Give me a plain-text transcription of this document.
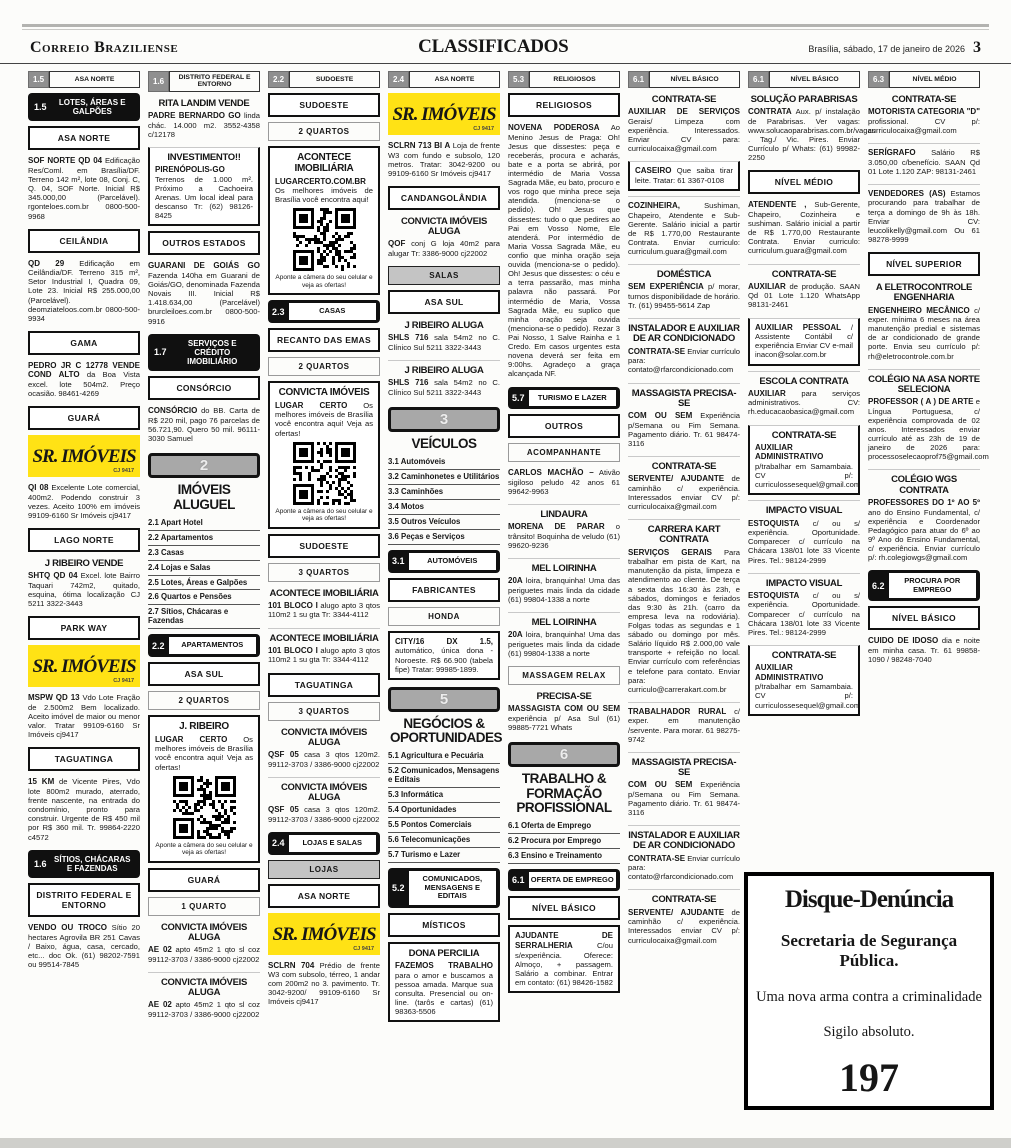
Correio Braziliense	CLASSIFICADOS	Brasília, sábado, 17 de janeiro de 2026 3
1.5	ASA NORTE
1.5	LOTES, ÁREAS E GALPÕES
ASA NORTE

SOF NORTE QD 04 Edificação Res/Coml. em Brasília/DF. Terreno 142 m², lote 08, Conj. C, Q. 04, SOF Norte. Inicial R$ 345.000,00 (Parcelável). rgonteloes.com.br 0800-500-9968

CEILÂNDIA

QD 29 Edificação em Ceilândia/DF. Terreno 315 m², Setor Industrial I, Quadra 09, Lote 23. Inicial R$ 255.000,00 (Parcelável). deomziateloos.com.br 0800-500-9934

GAMA

PEDRO JR C 12778 VENDE COND ALTO da Boa Vista excel. lote 504m2. Preço ocasião. 98461-4269

GUARÁ
SR. IMÓVEIS
CJ 9417

QI 08 Excelente Lote comercial, 400m2. Podendo construir 3 vezes. Aceito 100% em imóveis 99109-6160 Sr Imóveis cj9417

LAGO NORTE
J RIBEIRO VENDE

SHTQ QD 04 Excel. lote Bairro Taquari 742m2, quitado, esquina, ótima localização CJ 5211 3322-3443

PARK WAY
SR. IMÓVEIS
CJ 9417

MSPW QD 13 Vdo Lote Fração de 2.500m2 Bem localizado. Aceito imóvel de maior ou menor valor. Tratar 99109-6160 Sr Imóveis cj9417

TAGUATINGA

15 KM de Vicente Pires, Vdo lote 800m2 murado, aterrado, frente nascente, na entrada do condomínio, pronto para construir. Urgente de R$ 450 mil por R$ 360 mil. Tr. 99864-2220 c4572

1.6 SÍTIOS, CHÁCARAS E FAZENDAS
DISTRITO FEDERAL E ENTORNO

VENDO OU TROCO Sítio 20 hectares Agrovila BR 251 Cavas / Baixo, água, casa, cercado, etc... doc Ok. (61) 98202-7591 ou 99514-7845

1.6	DISTRITO FEDERAL E ENTORNO
RITA LANDIM VENDE

PADRE BERNARDO GO linda chác. 14.000 m2. 3552-4358 c/12178

INVESTIMENTO!!

PIRENÓPOLIS-GO Terrenos de 1.000 m². Próximo a Cachoeira Arenas. Um local ideal para descanso Tr: (62) 98126-8425

OUTROS ESTADOS

GUARANI DE GOIÁS GO Fazenda 140ha em Guarani de Goiás/GO, denominada Fazenda Novais III. Inicial R$ 1.418.634,00 (Parcelável) brurcleiloes.com.br 0800-500-9916

1.7
SERVIÇOS E CRÉDITO IMOBILIÁRIO
CONSÓRCIO

CONSÓRCIO do BB. Carta de R$ 220 mil, pago 76 parcelas de 56.721,90. Quero 50 mil. 96111-3030 Samuel

2
IMÓVEIS ALUGUEL
2.1 Apart Hotel
2.2 Apartamentos
2.3 Casas
2.4 Lojas e Salas
2.5 Lotes, Áreas e Galpões
2.6 Quartos e Pensões
2.7 Sítios, Chácaras e Fazendas
2.2	APARTAMENTOS
ASA SUL
2 QUARTOS
J. RIBEIRO

LUGAR CERTO Os melhores imóveis de Brasília você encontra aqui! Veja as ofertas!

Aponte a câmera do seu celular e veja as ofertas!
GUARÁ
1 QUARTO
CONVICTA IMÓVEIS ALUGA

AE 02 apto 45m2 1 qto sl coz 99112-3703 / 3386-9000 cj22002

CONVICTA IMÓVEIS ALUGA

AE 02 apto 45m2 1 qto sl coz 99112-3703 / 3386-9000 cj22002

2.2	SUDOESTE
SUDOESTE
2 QUARTOS
ACONTECE IMOBILIÁRIA

LUGARCERTO.COM.BR Os melhores imóveis de Brasília você encontra aqui!

Aponte a câmera do seu celular e veja as ofertas!
2.3	CASAS
RECANTO DAS EMAS
2 QUARTOS
CONVICTA IMÓVEIS

LUGAR CERTO Os melhores imóveis de Brasília você encontra aqui! Veja as ofertas!

Aponte a câmera do seu celular e veja as ofertas!
SUDOESTE
3 QUARTOS
ACONTECE IMOBILIÁRIA

101 BLOCO I alugo apto 3 qtos 110m2 1 su gta Tr: 3344-4112

ACONTECE IMOBILIÁRIA

101 BLOCO I alugo apto 3 qtos 110m2 1 su gta Tr: 3344-4112

TAGUATINGA
3 QUARTOS
CONVICTA IMÓVEIS ALUGA

QSF 05 casa 3 qtos 120m2. 99112-3703 / 3386-9000 cj22002

CONVICTA IMÓVEIS ALUGA

QSF 05 casa 3 qtos 120m2. 99112-3703 / 3386-9000 cj22002

2.4	LOJAS E SALAS
LOJAS
ASA NORTE
SR. IMÓVEIS
CJ 9417

SCLRN 704 Prédio de frente W3 com subsolo, térreo, 1 andar com 200m2 no 3. pavimento. Tr. 3042-9200/ 99109-6160 Sr Imóveis cj9417

2.4	ASA NORTE
SR. IMÓVEIS
CJ 9417

SCLRN 713 Bl A Loja de frente W3 com fundo e subsolo, 120 metros. Tratar: 3042-9200 ou 99109-6160 Sr Imóveis cj9417

CANDANGOLÂNDIA
CONVICTA IMÓVEIS ALUGA

QOF conj G loja 40m2 para alugar Tr: 3386-9000 cj22002

SALAS
ASA SUL
J RIBEIRO ALUGA

SHLS 716 sala 54m2 no C. Clínico Sul 5211 3322-3443

J RIBEIRO ALUGA

SHLS 716 sala 54m2 no C. Clínico Sul 5211 3322-3443

3
VEÍCULOS
3.1 Automóveis
3.2 Caminhonetes e Utilitários
3.3 Caminhões
3.4 Motos
3.5 Outros Veículos
3.6 Peças e Serviços
3.1	AUTOMÓVEIS
FABRICANTES
HONDA

CITY/16 DX 1.5, automático, única dona - Noroeste. R$ 66.900 (tabela fipe) Tratar: 99985-1899.

5
NEGÓCIOS & OPORTUNIDADES
5.1 Agricultura e Pecuária
5.2 Comunicados, Mensagens e Editais
5.3 Informática
5.4 Oportunidades
5.5 Pontos Comerciais
5.6 Telecomunicações
5.7 Turismo e Lazer
5.2
COMUNICADOS, MENSAGENS E EDITAIS
MÍSTICOS
DONA PERCILIA

FAZEMOS TRABALHO para o amor e buscamos a pessoa amada. Marque sua consulta. Presencial ou on-line. (tarôs e cartas) (61) 98363-5506

5.3	RELIGIOSOS
RELIGIOSOS

NOVENA PODEROSA Ao Menino Jesus de Praga: Oh! Jesus que dissestes: peça e receberás, procura e acharás, bate e a porta se abrirá, por intermédio de Maria Vossa Sagrada Mãe, eu bato, procuro e vos rogo que minha prece seja atendida. (menciona-se o pedido). Oh! Jesus que dissestes: tudo o que pedires ao Pai em Vosso Nome, Ele atenderá. Por intermédio de Maria Vossa Sagrada Mãe, eu confio que minha oração seja ouvida (menciona-se o pedido). Oh! Jesus que dissestes: o céu e a terra passarão, mas minha palavra não passará. Por intermédio de Maria, Vossa Sagrada Mãe, eu suplico que minha oração seja ouvida (menciona-se o pedido). Rezar 3 Pai Nosso, 1 Salve Rainha e 1 Credo. Em casos urgentes esta novena deverá ser feita em 9:00hs. Agradeço a graça alcançada NF.

5.7	TURISMO E LAZER
OUTROS
ACOMPANHANTE

CARLOS MACHÃO – Ativão sigiloso peludo 42 anos 61 99642-9963

LINDAURA

MORENA DE PARAR o trânsito! Boquinha de veludo (61) 99620-9236

MEL LOIRINHA

20A loira, branquinha! Uma das periguetes mais linda da cidade (61) 99804-1338 a norte

MEL LOIRINHA

20A loira, branquinha! Uma das periguetes mais linda da cidade (61) 99804-1338 a norte

MASSAGEM RELAX
PRECISA-SE

MASSAGISTA COM OU SEM experiência p/ Asa Sul (61) 99885-7721 Whats

6
TRABALHO & FORMAÇÃO PROFISSIONAL
6.1 Oferta de Emprego
6.2 Procura por Emprego
6.3 Ensino e Treinamento
6.1 OFERTA DE EMPREGO
NÍVEL BÁSICO

AJUDANTE DE SERRALHERIA C/ou s/experiência. Oferece: Almoço, + passagem. Salário a combinar. Entrar em contato: (61) 98426-1582

6.1	NÍVEL BÁSICO
CONTRATA-SE

AUXILIAR DE SERVIÇOS Gerais/ Limpeza com experiência. Interessados. Enviar CV para: curriculocaixa@gmail.com

CASEIRO Que saiba tirar leite. Tratar: 61 3367-0108

COZINHEIRA, Sushiman, Chapeiro, Atendente e Sub-Gerente. Salário inicial a partir de R$ 1.770,00 Restaurante Contrata. Enviar curriculo: curriculum.guara@gmail.com

DOMÉSTICA

SEM EXPERIÊNCIA p/ morar, turnos disponibilidade de horário. Tr. (61) 99455-5614 Zap

INSTALADOR E AUXILIAR DE AR CONDICIONADO

CONTRATA-SE Enviar currículo para: contato@rfarcondicionado.com

MASSAGISTA PRECISA-SE

COM OU SEM Experiência p/Semana ou Fim Semana. Pagamento diário. Tr. 61 98474-3116

CONTRATA-SE

SERVENTE/ AJUDANTE de caminhão c/ experiência. Interessados enviar CV p/: curriculocaixa@gmail.com

CARRERA KART CONTRATA

SERVIÇOS GERAIS Para trabalhar em pista de Kart, na manutenção da pista, limpeza e atendimento ao cliente. De terça a sexta das 16:30 às 23h, e sábados, domingos e feriados das 9:30 às 21h. (carro da empresa leva na rodoviária). Folgas todas as segundas e 1 sábado ou domingo por mês. Salário líquido R$ 2.000,00 vale transporte + refeição no local. Enviar currículo com referências e telefone para contato. Enviar para: curriculo@carrerakart.com.br

TRABALHADOR RURAL c/ exper. em manutenção /servente. Para morar. 61 98275-9742

MASSAGISTA PRECISA-SE

COM OU SEM Experiência p/Semana ou Fim Semana. Pagamento diário. Tr. 61 98474-3116

INSTALADOR E AUXILIAR DE AR CONDICIONADO

CONTRATA-SE Enviar currículo para: contato@rfarcondicionado.com

CONTRATA-SE

SERVENTE/ AJUDANTE de caminhão c/ experiência. Interessados enviar CV p/: curriculocaixa@gmail.com

6.1	NÍVEL BÁSICO
SOLUÇÃO PARABRISAS

CONTRATA Aux. p/ instalação de Parabrisas. Ver vagas: www.solucaoparabrisas.com.br/vagas . Tag./ Vic. Pires. Enviar Currículo p/ Whats: (61) 99982-2250

NÍVEL MÉDIO

ATENDENTE , Sub-Gerente, Chapeiro, Cozinheira e sushiman. Salário inicial a partir de R$ 1.770,00 Restaurante Contrata. Enviar curriculo: curriculum.guara@gmail.com

CONTRATA-SE

AUXILIAR de produção. SAAN Qd 01 Lote 1.120 WhatsApp 98131-2461

AUXILIAR PESSOAL / Assistente Contábil c/ experiência Enviar CV e-mail inacon@solar.com.br

ESCOLA CONTRATA

AUXILIAR para serviços administrativos. CV: rh.educacaobasica@gmail.com

CONTRATA-SE

AUXILIAR ADMINISTRATIVO p/trabalhar em Samambaia. CV p/: curriculossesequel@gmail.com

IMPACTO VISUAL

ESTOQUISTA c/ ou s/ experiência. Oportunidade. Comparecer c/ currículo na Chácara 138/01 lote 33 Vicente Pires. Tel.: 98124-2999

IMPACTO VISUAL

ESTOQUISTA c/ ou s/ experiência. Oportunidade. Comparecer c/ currículo na Chácara 138/01 lote 33 Vicente Pires. Tel.: 98124-2999

CONTRATA-SE

AUXILIAR ADMINISTRATIVO p/trabalhar em Samambaia. CV p/: curriculossesequel@gmail.com

6.3	NÍVEL MÉDIO
CONTRATA-SE

MOTORISTA CATEGORIA "D" profissional. CV p/: curriculocaixa@gmail.com

SERÍGRAFO Salário R$ 3.050,00 c/benefício. SAAN Qd 01 Lote 1.120 ZAP: 98131-2461

VENDEDORES (AS) Estamos procurando para trabalhar de terça a domingo de 9h às 18h. Enviar CV: leucolikelly@gmail.com Ou 61 98278-9999

NÍVEL SUPERIOR
A ELETROCONTROLE ENGENHARIA

ENGENHEIRO MECÂNICO c/ exper. mínima 6 meses na área manutenção predial e sistemas de ar condicionado de grande porte. Envia seu currículo p/: rh@eletrocontrole.com.br

COLÉGIO NA ASA NORTE SELECIONA

PROFESSOR ( A ) DE ARTE e Língua Portuguesa, c/ experiência comprovada de 02 anos. Interessados enviar currículo até as 23h de 19 de janeiro de 2026 para: processoselecaoprof75@gmail.com

COLÉGIO WGS CONTRATA

PROFESSORES DO 1º AO 5º ano do Ensino Fundamental, c/ experiência e Coordenador Pedagógico para atuar do 6º ao 9º Ano do Ensino Fundamental, c/ experiência. Enviar currículo p/: rh.colegiowgs@gmail.com

6.2
PROCURA POR EMPREGO
NÍVEL BÁSICO

CUIDO DE IDOSO dia e noite em minha casa. Tr. 61 99858-1090 / 98248-7040

Disque-Denúncia
Secretaria de Segurança Pública.
Uma nova arma contra a criminalidade
Sigilo absoluto.
197
